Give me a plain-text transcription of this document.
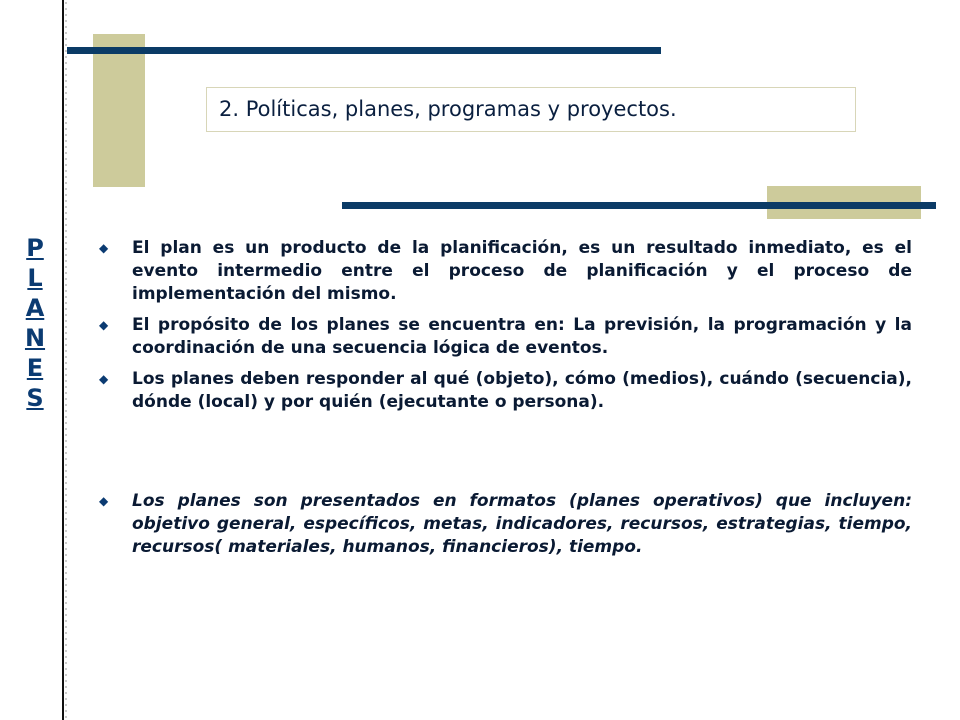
P
L
A
N
E
S
2. Políticas, planes, programas y proyectos.
◆ El plan es un producto de la planificación, es un resultado inmediato, es el evento intermedio entre el proceso de planificación y el proceso de implementación del mismo.
◆ El propósito de los planes se encuentra en: La previsión, la programación y la coordinación de una secuencia lógica de eventos.
◆ Los planes deben responder al qué (objeto), cómo (medios), cuándo (secuencia), dónde (local) y por quién (ejecutante o persona).
◆ Los planes son presentados en formatos (planes operativos) que incluyen: objetivo general, específicos, metas, indicadores, recursos, estrategias, tiempo, recursos( materiales, humanos, financieros), tiempo.
